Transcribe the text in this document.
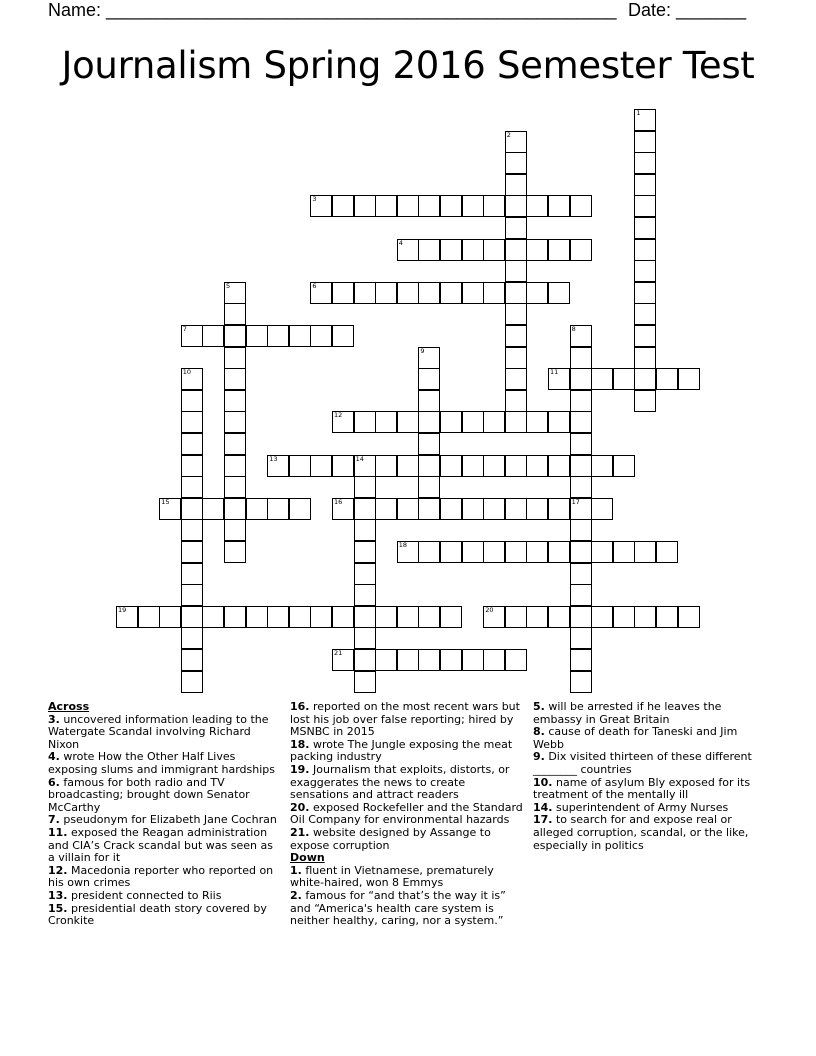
Name: ___________________________________________________ Date: _______
Journalism Spring 2016 Semester Test
1
2
3
4
5	6
7	8
17
9
10	11
12
13	14
15	16
18
19	20
21
Across
3. uncovered information leading to the Watergate Scandal involving Richard Nixon
4. wrote How the Other Half Lives exposing slums and immigrant hardships
6. famous for both radio and TV broadcasting; brought down Senator McCarthy
7. pseudonym for Elizabeth Jane Cochran
11. exposed the Reagan administration and CIA’s Crack scandal but was seen as a villain for it
12. Macedonia reporter who reported on his own crimes
13. president connected to Riis
15. presidential death story covered by Cronkite
16. reported on the most recent wars but lost his job over false reporting; hired by MSNBC in 2015
18. wrote The Jungle exposing the meat packing industry
19. Journalism that exploits, distorts, or exaggerates the news to create sensations and attract readers
20. exposed Rockefeller and the Standard Oil Company for environmental hazards
21. website designed by Assange to expose corruption
Down
1. fluent in Vietnamese, prematurely white-haired, won 8 Emmys
2. famous for “and that’s the way it is” and “America's health care system is neither healthy, caring, nor a system.”
5. will be arrested if he leaves the embassy in Great Britain
8. cause of death for Taneski and Jim Webb
9. Dix visited thirteen of these different ________ countries
10. name of asylum Bly exposed for its treatment of the mentally ill
14. superintendent of Army Nurses
17. to search for and expose real or alleged corruption, scandal, or the like, especially in politics
